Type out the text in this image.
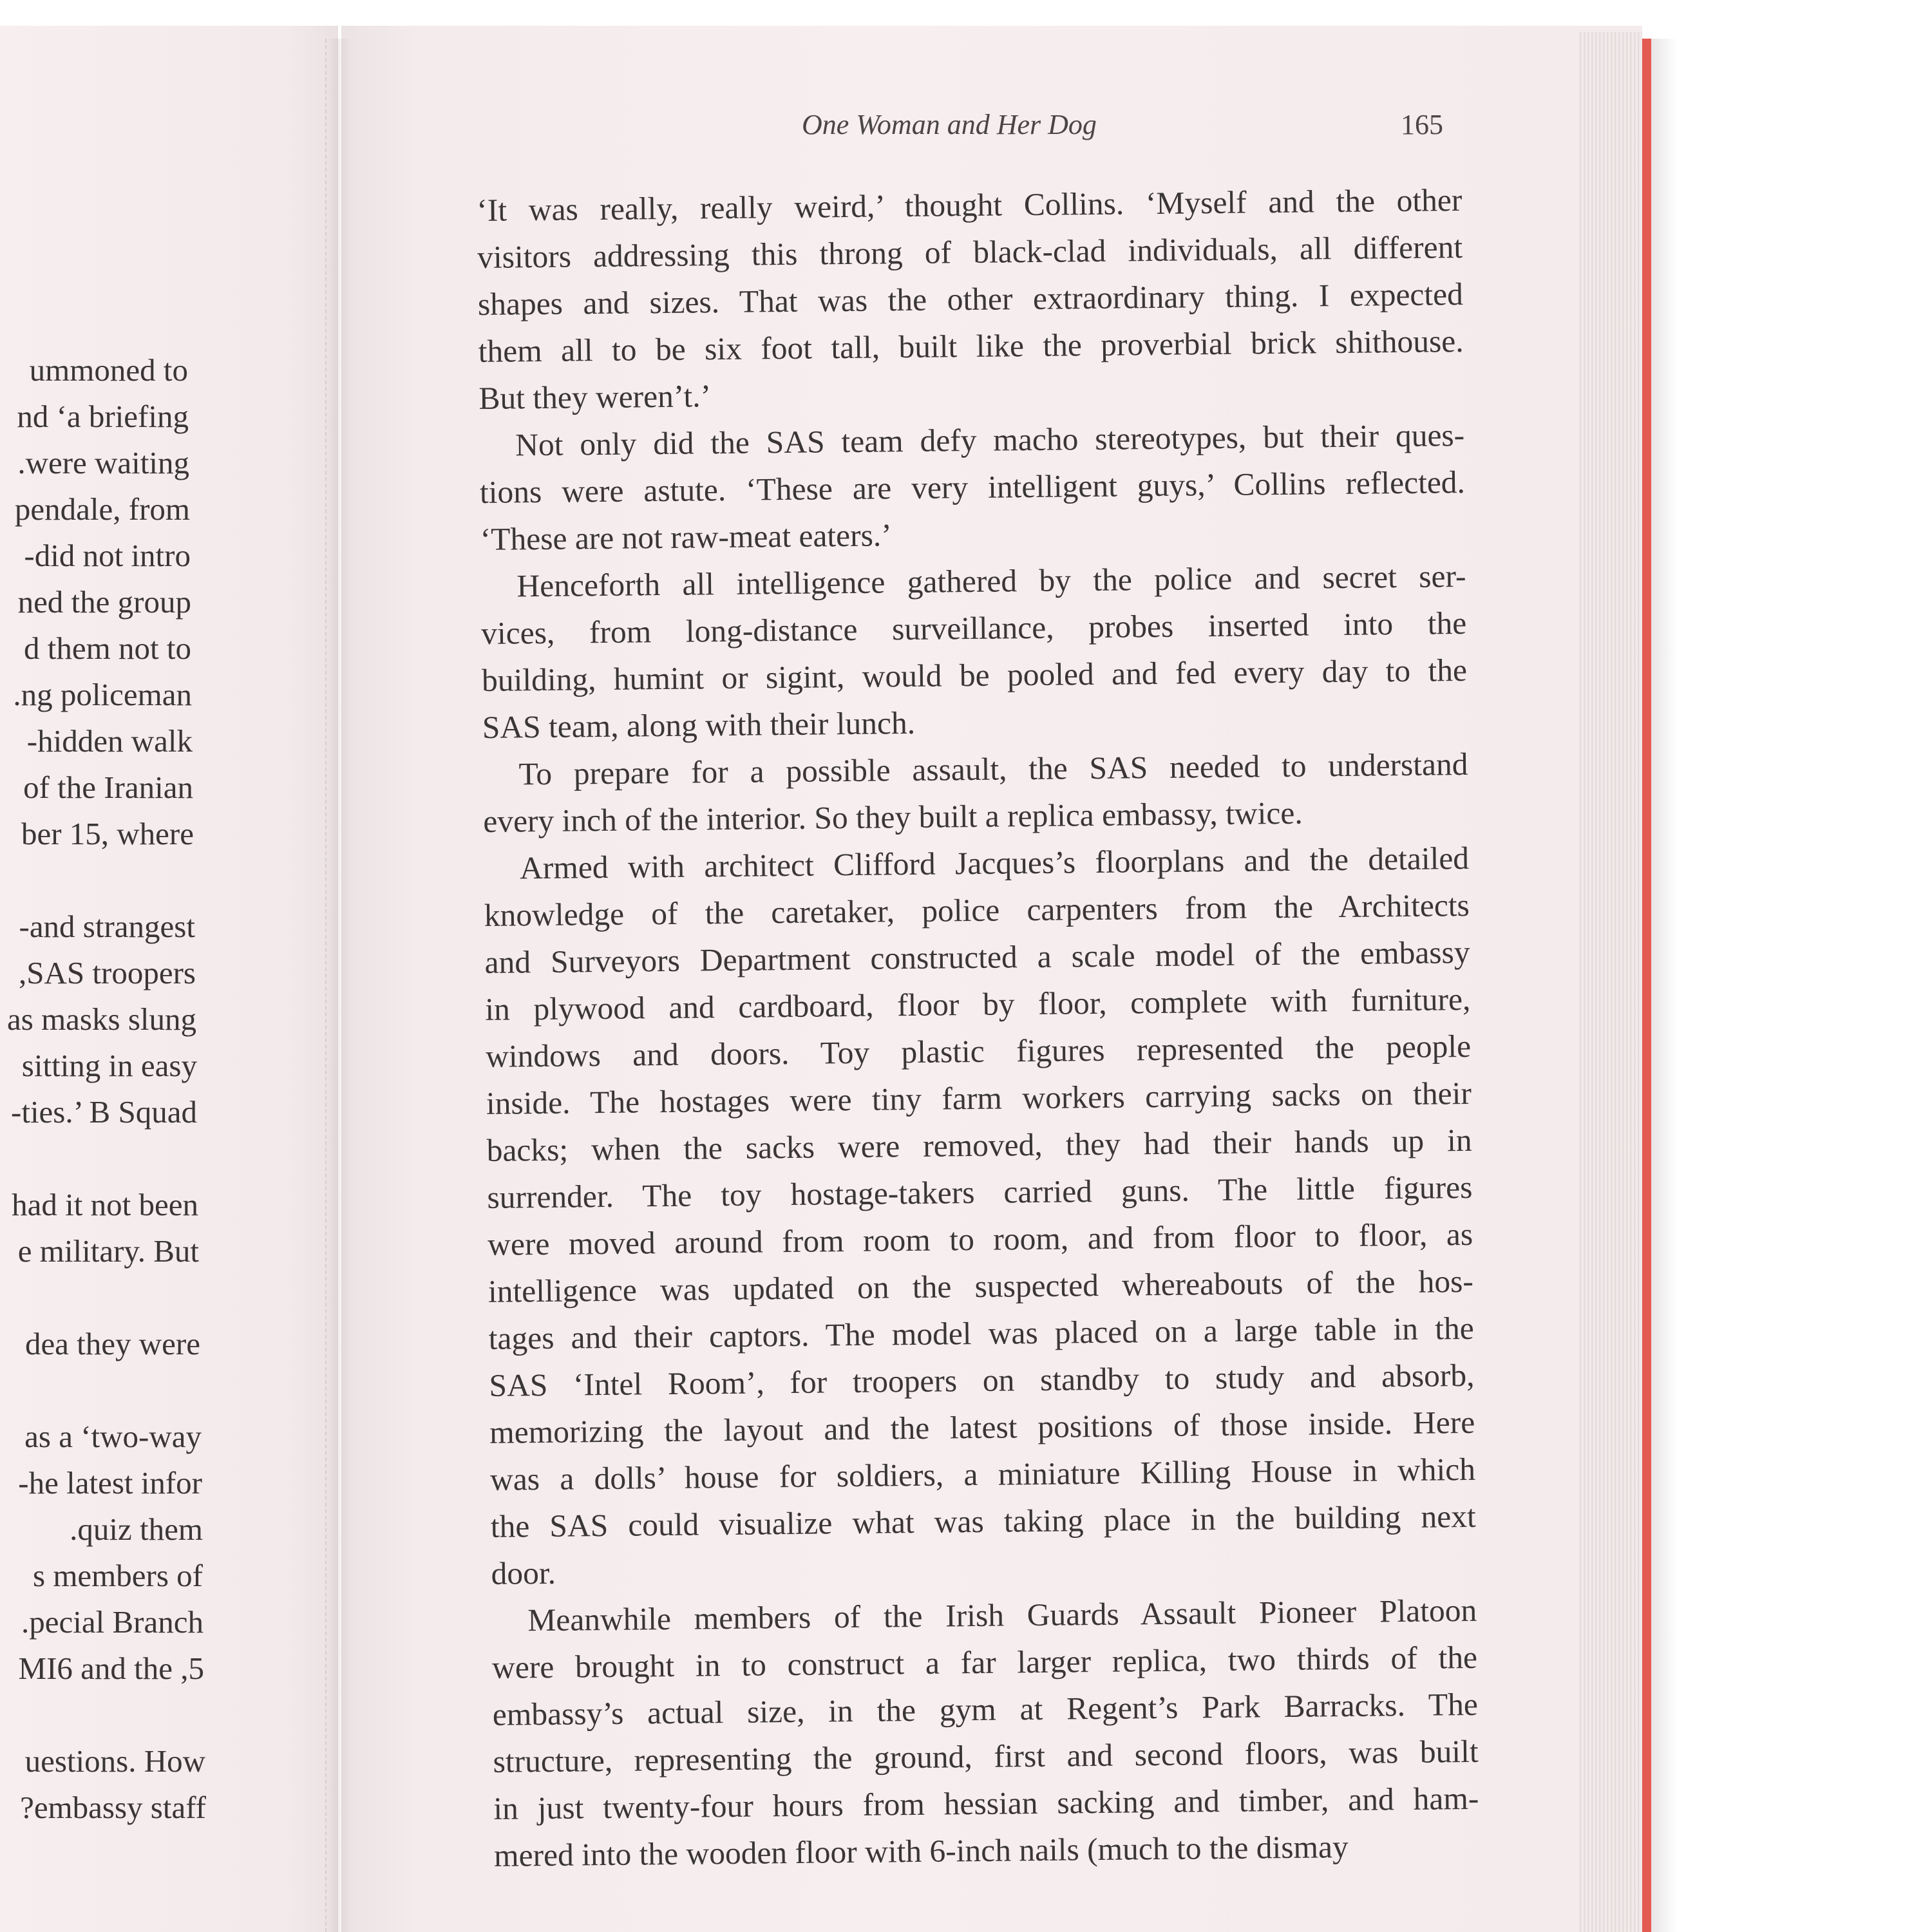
ummoned to
nd ‘a briefing
were waiting.
pendale, from
did not intro-
ned the group
d them not to
ng policeman.
hidden walk-
of the Iranian
ber 15, where
and strangest-
SAS troopers,
as masks slung
sitting in easy
ties.’ B Squad-
had it not been
e military. But
dea they were
as a ‘two-way
he latest infor-
quiz them.
s members of
pecial Branch.
5, MI6 and the
uestions. How
embassy staff?
One Woman and Her Dog	165
‘It was really, really weird,’ thought Collins. ‘Myself and the other
visitors addressing this throng of black-clad individuals, all different
shapes and sizes. That was the other extraordinary thing. I expected
them all to be six foot tall, built like the proverbial brick shithouse.
But they weren’t.’
Not only did the SAS team defy macho stereotypes, but their ques-
tions were astute. ‘These are very intelligent guys,’ Collins reflected.
‘These are not raw-meat eaters.’
Henceforth all intelligence gathered by the police and secret ser-
vices, from long-distance surveillance, probes inserted into the
building, humint or sigint, would be pooled and fed every day to the
SAS team, along with their lunch.
To prepare for a possible assault, the SAS needed to understand
every inch of the interior. So they built a replica embassy, twice.
Armed with architect Clifford Jacques’s floorplans and the detailed
knowledge of the caretaker, police carpenters from the Architects
and Surveyors Department constructed a scale model of the embassy
in plywood and cardboard, floor by floor, complete with furniture,
windows and doors. Toy plastic figures represented the people
inside. The hostages were tiny farm workers carrying sacks on their
backs; when the sacks were removed, they had their hands up in
surrender. The toy hostage-takers carried guns. The little figures
were moved around from room to room, and from floor to floor, as
intelligence was updated on the suspected whereabouts of the hos-
tages and their captors. The model was placed on a large table in the
SAS ‘Intel Room’, for troopers on standby to study and absorb,
memorizing the layout and the latest positions of those inside. Here
was a dolls’ house for soldiers, a miniature Killing House in which
the SAS could visualize what was taking place in the building next
door.
Meanwhile members of the Irish Guards Assault Pioneer Platoon
were brought in to construct a far larger replica, two thirds of the
embassy’s actual size, in the gym at Regent’s Park Barracks. The
structure, representing the ground, first and second floors, was built
in just twenty-four hours from hessian sacking and timber, and ham-
mered into the wooden floor with 6-inch nails (much to the dismay
